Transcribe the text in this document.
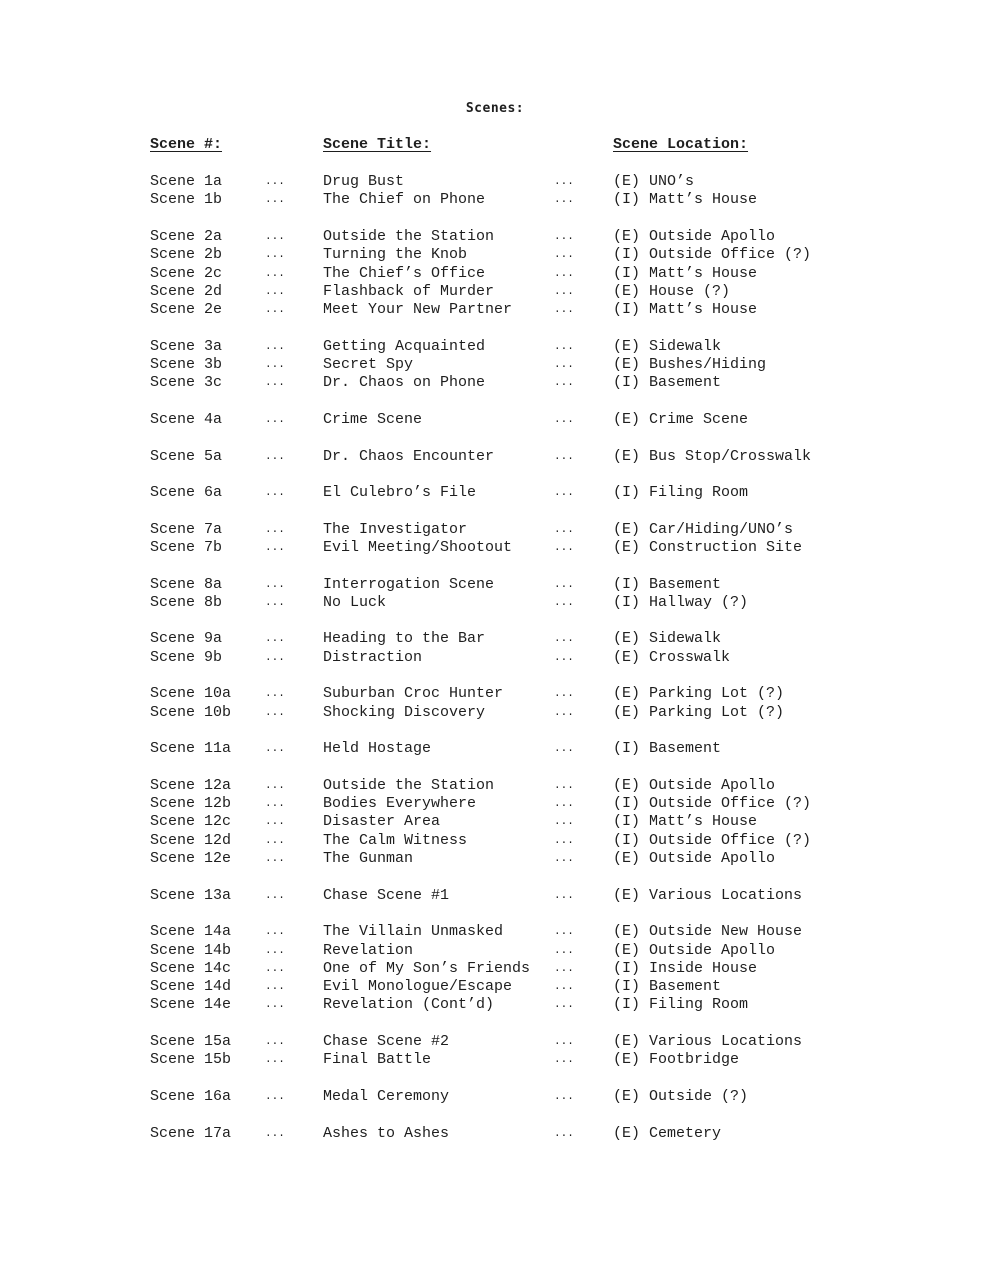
Scenes:
Scene #:	Scene Title:	Scene Location:
Scene 1a	...	Drug Bust	...	(E) UNO’s
Scene 1b	...	The Chief on Phone	...	(I) Matt’s House
Scene 2a	...	Outside the Station	...	(E) Outside Apollo
Scene 2b	...	Turning the Knob	...	(I) Outside Office (?)
Scene 2c	...	The Chief’s Office	...	(I) Matt’s House
Scene 2d	...	Flashback of Murder	...	(E) House (?)
Scene 2e	...	Meet Your New Partner	...	(I) Matt’s House
Scene 3a	...	Getting Acquainted	...	(E) Sidewalk
Scene 3b	...	Secret Spy	...	(E) Bushes/Hiding
Scene 3c	...	Dr. Chaos on Phone	...	(I) Basement
Scene 4a	...	Crime Scene	...	(E) Crime Scene
Scene 5a	...	Dr. Chaos Encounter	...	(E) Bus Stop/Crosswalk
Scene 6a	...	El Culebro’s File	...	(I) Filing Room
Scene 7a	...	The Investigator	...	(E) Car/Hiding/UNO’s
Scene 7b	...	Evil Meeting/Shootout	...	(E) Construction Site
Scene 8a	...	Interrogation Scene	...	(I) Basement
Scene 8b	...	No Luck	...	(I) Hallway (?)
Scene 9a	...	Heading to the Bar	...	(E) Sidewalk
Scene 9b	...	Distraction	...	(E) Crosswalk
Scene 10a	...	Suburban Croc Hunter	...	(E) Parking Lot (?)
Scene 10b	...	Shocking Discovery	...	(E) Parking Lot (?)
Scene 11a	...	Held Hostage	...	(I) Basement
Scene 12a	...	Outside the Station	...	(E) Outside Apollo
Scene 12b	...	Bodies Everywhere	...	(I) Outside Office (?)
Scene 12c	...	Disaster Area	...	(I) Matt’s House
Scene 12d	...	The Calm Witness	...	(I) Outside Office (?)
Scene 12e	...	The Gunman	...	(E) Outside Apollo
Scene 13a	...	Chase Scene #1	...	(E) Various Locations
Scene 14a	...	The Villain Unmasked	...	(E) Outside New House
Scene 14b	...	Revelation	...	(E) Outside Apollo
Scene 14c	...	One of My Son’s Friends ...	(I) Inside House
Scene 14d	...	Evil Monologue/Escape	...	(I) Basement
Scene 14e	...	Revelation (Cont’d)	...	(I) Filing Room
Scene 15a	...	Chase Scene #2	...	(E) Various Locations
Scene 15b	...	Final Battle	...	(E) Footbridge
Scene 16a	...	Medal Ceremony	...	(E) Outside (?)
Scene 17a	...	Ashes to Ashes	...	(E) Cemetery
